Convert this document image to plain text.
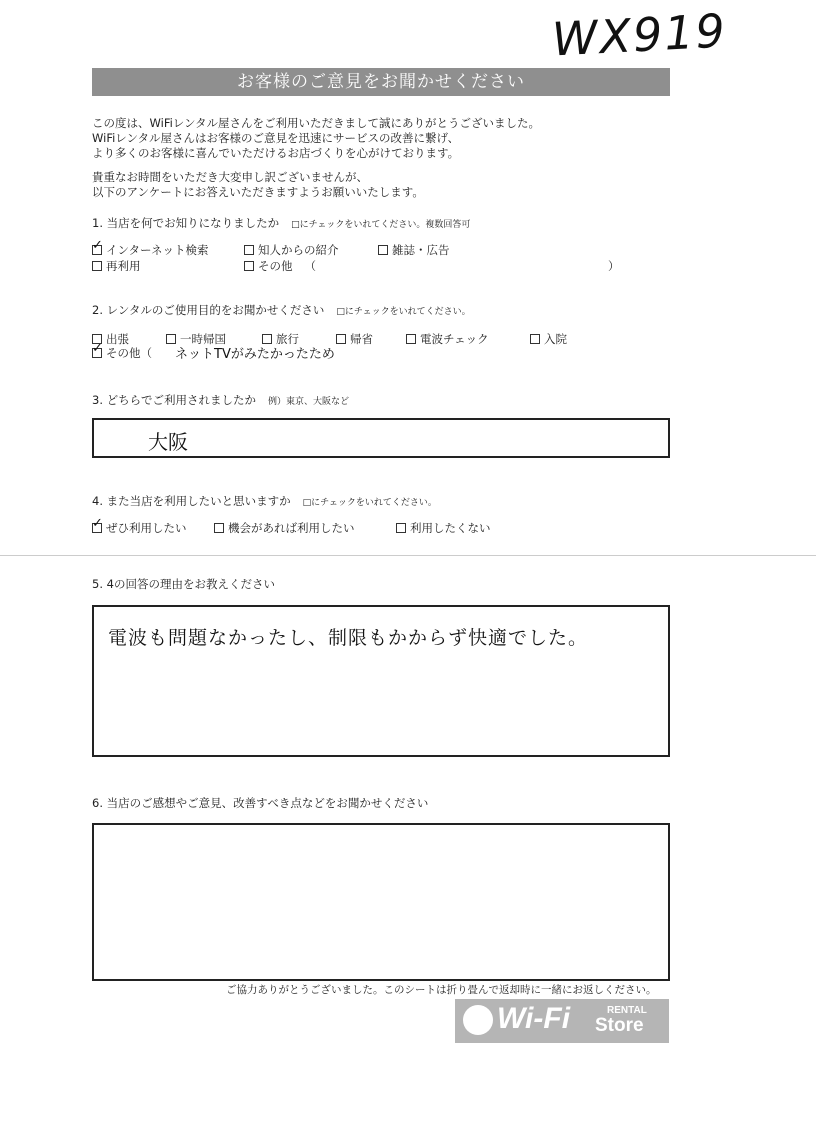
WX919
お客様のご意見をお聞かせください
この度は、WiFiレンタル屋さんをご利用いただきまして誠にありがとうございました。
WiFiレンタル屋さんはお客様のご意見を迅速にサービスの改善に繋げ、
より多くのお客様に喜んでいただけるお店づくりを心がけております。
貴重なお時間をいただき大変申し訳ございませんが、
以下のアンケートにお答えいただきますようお願いいたします。
1. 当店を何でお知りになりましたか □にチェックをいれてください。複数回答可
✓インターネット検索	知人からの紹介	雑誌・広告
再利用	その他 （	）
2. レンタルのご使用目的をお聞かせください □にチェックをいれてください。
出張	一時帰国	旅行	帰省	電波チェック	入院
✓その他（ ネットTVがみたかったため
3. どちらでご利用されましたか 例）東京、大阪など
大阪
4. また当店を利用したいと思いますか □にチェックをいれてください。
✓ぜひ利用したい	機会があれば利用したい	利用したくない
5. 4の回答の理由をお教えください
電波も問題なかったし、制限もかからず快適でした。
6. 当店のご感想やご意見、改善すべき点などをお聞かせください
ご協力ありがとうございました。このシートは折り畳んで返却時に一緒にお返しください。
Wi-Fi	RENTAL
Store
